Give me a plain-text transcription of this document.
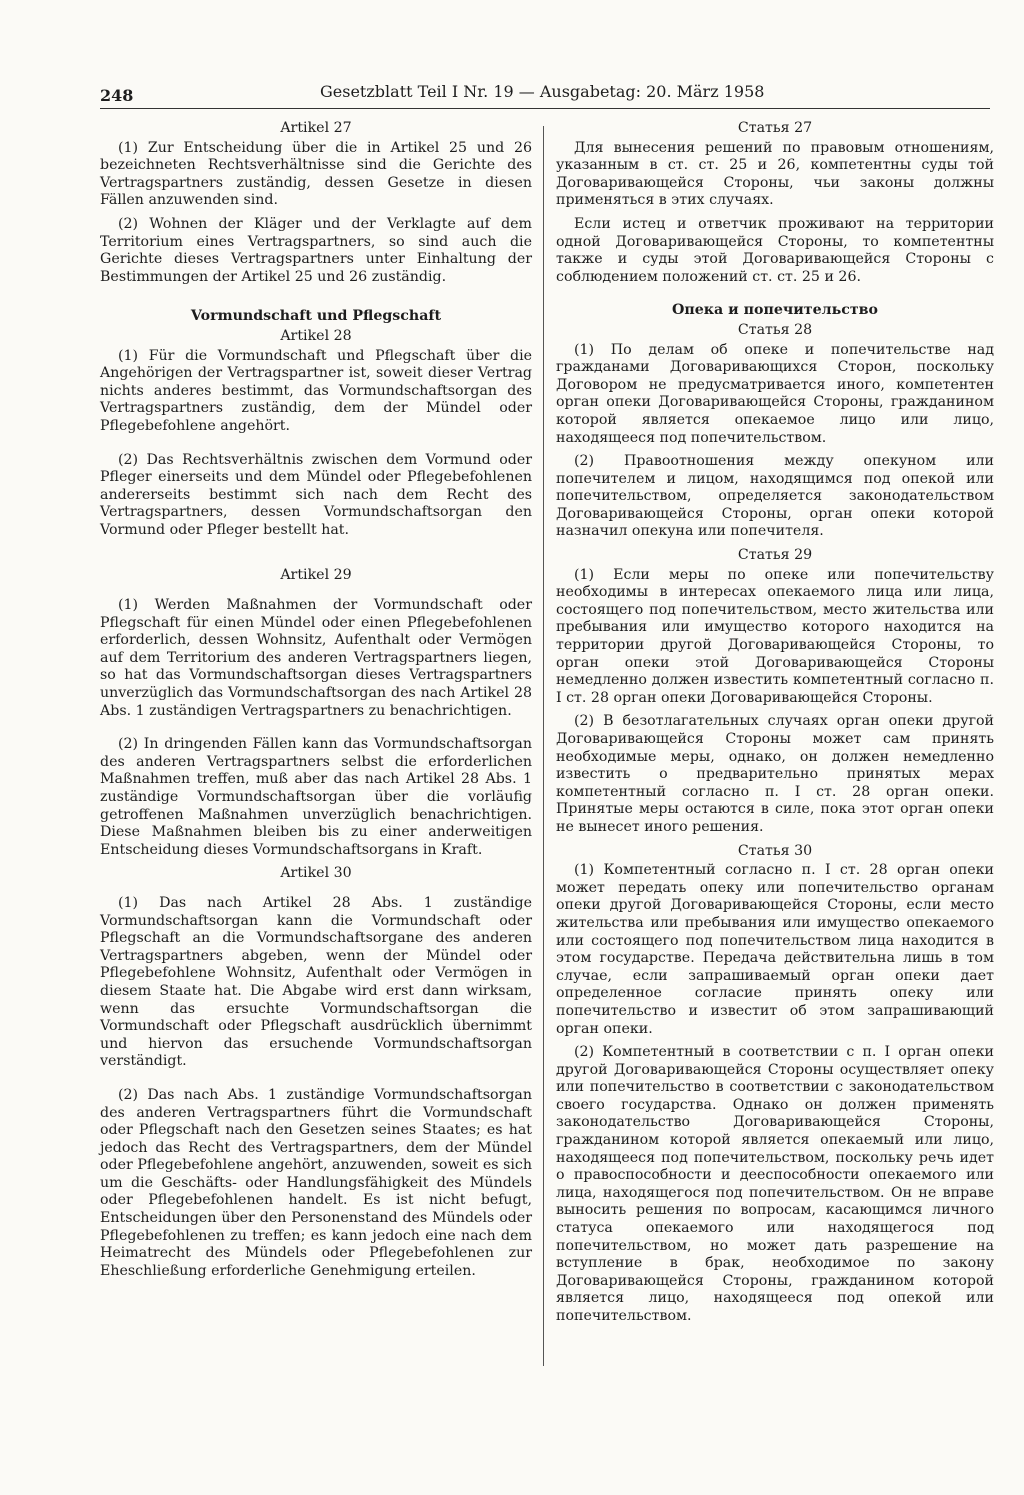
248	Gesetzblatt Teil I Nr. 19 — Ausgabetag: 20. März 1958
Artikel 27

(1) Zur Entscheidung über die in Artikel 25 und 26 bezeichneten Rechtsverhältnisse sind die Gerichte des Vertragspartners zuständig, dessen Gesetze in diesen Fällen anzuwenden sind.

(2) Wohnen der Kläger und der Verklagte auf dem Territorium eines Vertragspartners, so sind auch die Gerichte dieses Vertragspartners unter Einhaltung der Bestimmungen der Artikel 25 und 26 zuständig.

Vormundschaft und Pflegschaft
Artikel 28

(1) Für die Vormundschaft und Pflegschaft über die Angehörigen der Vertragspartner ist, soweit dieser Vertrag nichts anderes bestimmt, das Vormundschaftsorgan des Vertragspartners zuständig, dem der Mündel oder Pflegebefohlene angehört.

(2) Das Rechtsverhältnis zwischen dem Vormund oder Pfleger einerseits und dem Mündel oder Pflegebefohlenen andererseits bestimmt sich nach dem Recht des Vertragspartners, dessen Vormundschaftsorgan den Vormund oder Pfleger bestellt hat.

Artikel 29

(1) Werden Maßnahmen der Vormundschaft oder Pflegschaft für einen Mündel oder einen Pflegebefohlenen erforderlich, dessen Wohnsitz, Aufenthalt oder Vermögen auf dem Territorium des anderen Vertragspartners liegen, so hat das Vormundschaftsorgan dieses Vertragspartners unverzüglich das Vormundschaftsorgan des nach Artikel 28 Abs. 1 zuständigen Vertragspartners zu benachrichtigen.

(2) In dringenden Fällen kann das Vormundschaftsorgan des anderen Vertragspartners selbst die erforderlichen Maßnahmen treffen, muß aber das nach Artikel 28 Abs. 1 zuständige Vormundschaftsorgan über die vorläufig getroffenen Maßnahmen unverzüglich benachrichtigen. Diese Maßnahmen bleiben bis zu einer anderweitigen Entscheidung dieses Vormundschaftsorgans in Kraft.

Artikel 30

(1) Das nach Artikel 28 Abs. 1 zuständige Vormundschaftsorgan kann die Vormundschaft oder Pflegschaft an die Vormundschaftsorgane des anderen Vertragspartners abgeben, wenn der Mündel oder Pflegebefohlene Wohnsitz, Aufenthalt oder Vermögen in diesem Staate hat. Die Abgabe wird erst dann wirksam, wenn das ersuchte Vormundschaftsorgan die Vormundschaft oder Pflegschaft ausdrücklich übernimmt und hiervon das ersuchende Vormundschaftsorgan verständigt.

(2) Das nach Abs. 1 zuständige Vormundschaftsorgan des anderen Vertragspartners führt die Vormundschaft oder Pflegschaft nach den Gesetzen seines Staates; es hat jedoch das Recht des Vertragspartners, dem der Mündel oder Pflegebefohlene angehört, anzuwenden, soweit es sich um die Geschäfts- oder Handlungsfähigkeit des Mündels oder Pflegebefohlenen handelt. Es ist nicht befugt, Entscheidungen über den Personenstand des Mündels oder Pflegebefohlenen zu treffen; es kann jedoch eine nach dem Heimatrecht des Mündels oder Pflegebefohlenen zur Eheschließung erforderliche Genehmigung erteilen.

Статья 27

Для вынесения решений по правовым отношениям, указанным в ст. ст. 25 и 26, компетентны суды той Договаривающейся Стороны, чьи законы должны применяться в этих случаях.

Если истец и ответчик проживают на территории одной Договаривающейся Стороны, то компетентны также и суды этой Договаривающейся Стороны с соблюдением положений ст. ст. 25 и 26.

Опека и попечительство
Статья 28

(1) По делам об опеке и попечительстве над гражданами Договаривающихся Сторон, поскольку Договором не предусматривается иного, компетентен орган опеки Договаривающейся Стороны, гражданином которой является опекаемое лицо или лицо, находящееся под попечительством.

(2) Правоотношения между опекуном или попечителем и лицом, находящимся под опекой или попечительством, определяется законодательством Договаривающейся Стороны, орган опеки которой назначил опекуна или попечителя.

Статья 29

(1) Если меры по опеке или попечительству необходимы в интересах опекаемого лица или лица, состоящего под попечительством, место жительства или пребывания или имущество которого находится на территории другой Договаривающейся Стороны, то орган опеки этой Договаривающейся Стороны немедленно должен известить компетентный согласно п. I ст. 28 орган опеки Договаривающейся Стороны.

(2) В безотлагательных случаях орган опеки другой Договаривающейся Стороны может сам принять необходимые меры, однако, он должен немедленно известить о предварительно принятых мерах компетентный согласно п. I ст. 28 орган опеки. Принятые меры остаются в силе, пока этот орган опеки не вынесет иного решения.

Статья 30

(1) Компетентный согласно п. I ст. 28 орган опеки может передать опеку или попечительство органам опеки другой Договаривающейся Стороны, если место жительства или пребывания или имущество опекаемого или состоящего под попечительством лица находится в этом государстве. Передача действительна лишь в том случае, если запрашиваемый орган опеки дает определенное согласие принять опеку или попечительство и известит об этом запрашивающий орган опеки.

(2) Компетентный в соответствии с п. I орган опеки другой Договаривающейся Стороны осуществляет опеку или попечительство в соответствии с законодательством своего государства. Однако он должен применять законодательство Договаривающейся Стороны, гражданином которой является опекаемый или лицо, находящееся под попечительством, поскольку речь идет о правоспособности и дееспособности опекаемого или лица, находящегося под попечительством. Он не вправе выносить решения по вопросам, касающимся личного статуса опекаемого или находящегося под попечительством, но может дать разрешение на вступление в брак, необходимое по закону Договаривающейся Стороны, гражданином которой является лицо, находящееся под опекой или попечительством.
